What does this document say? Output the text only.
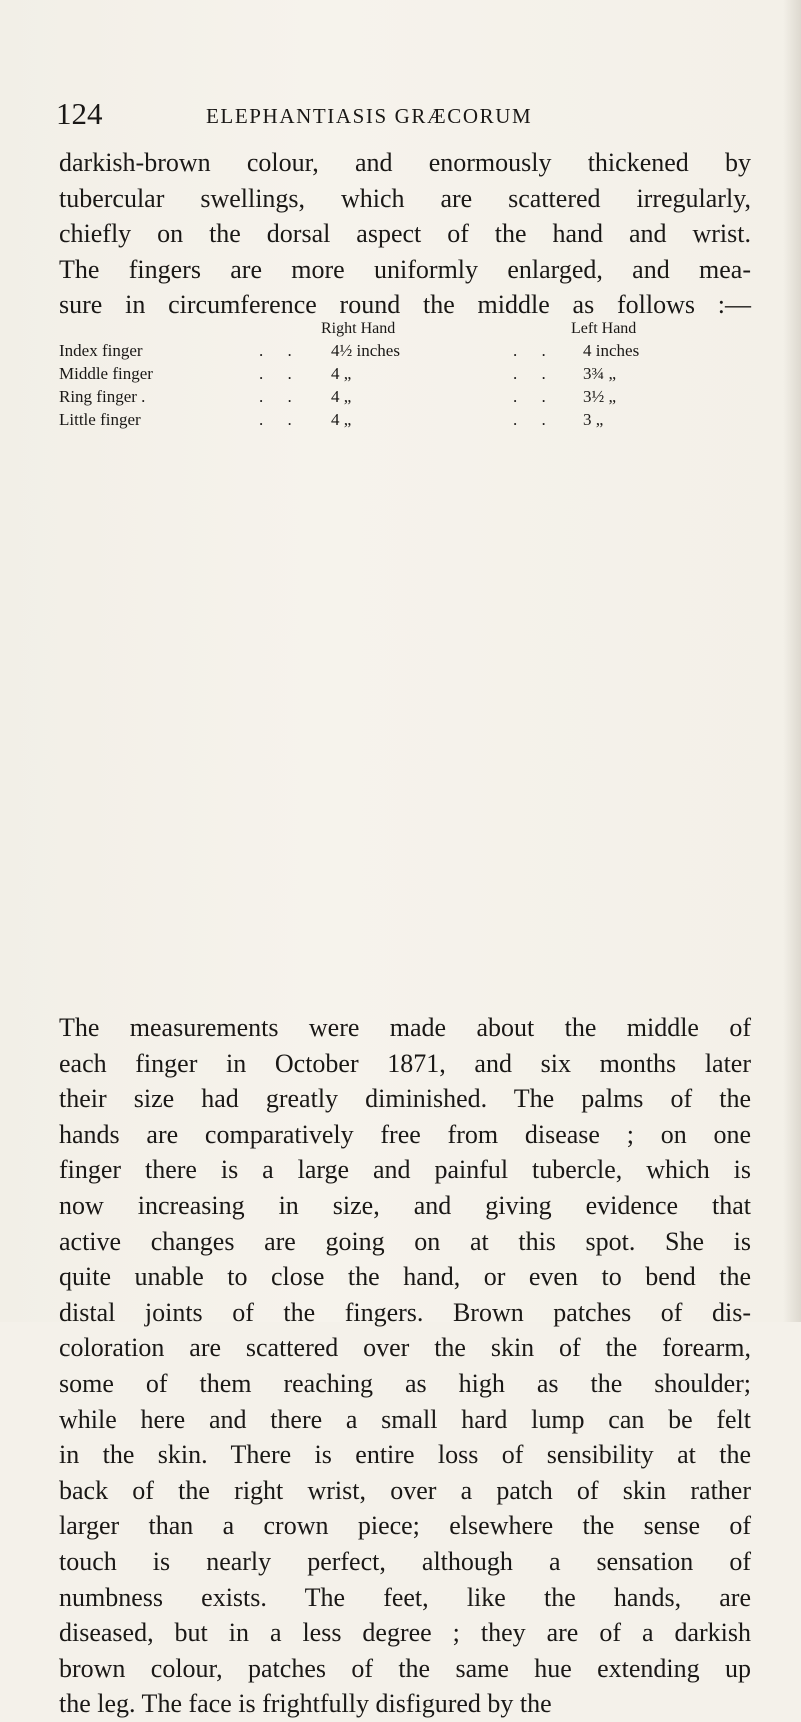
124	ELEPHANTIASIS GRÆCORUM
darkish-brown colour, and enormously thickened by
tubercular swellings, which are scattered irregularly,
chiefly on the dorsal aspect of the hand and wrist.
The fingers are more uniformly enlarged, and mea-
sure in circumference round the middle as follows :—
Right Hand	Left Hand
Index finger	. . 4½ inches	. . 4 inches
Middle finger	. . 4 „	. . 3¾ „
Ring finger .	. . 4 „	. . 3½ „
Little finger	. . 4 „	. . 3 „
The measurements were made about the middle of
each finger in October 1871, and six months later
their size had greatly diminished. The palms of the
hands are comparatively free from disease ; on one
finger there is a large and painful tubercle, which is
now increasing in size, and giving evidence that
active changes are going on at this spot. She is
quite unable to close the hand, or even to bend the
distal joints of the fingers. Brown patches of dis-
coloration are scattered over the skin of the forearm,
some of them reaching as high as the shoulder;
while here and there a small hard lump can be felt
in the skin. There is entire loss of sensibility at the
back of the right wrist, over a patch of skin rather
larger than a crown piece; elsewhere the sense of
touch is nearly perfect, although a sensation of
numbness exists. The feet, like the hands, are
diseased, but in a less degree ; they are of a darkish
brown colour, patches of the same hue extending up
the leg. The face is frightfully disfigured by the
